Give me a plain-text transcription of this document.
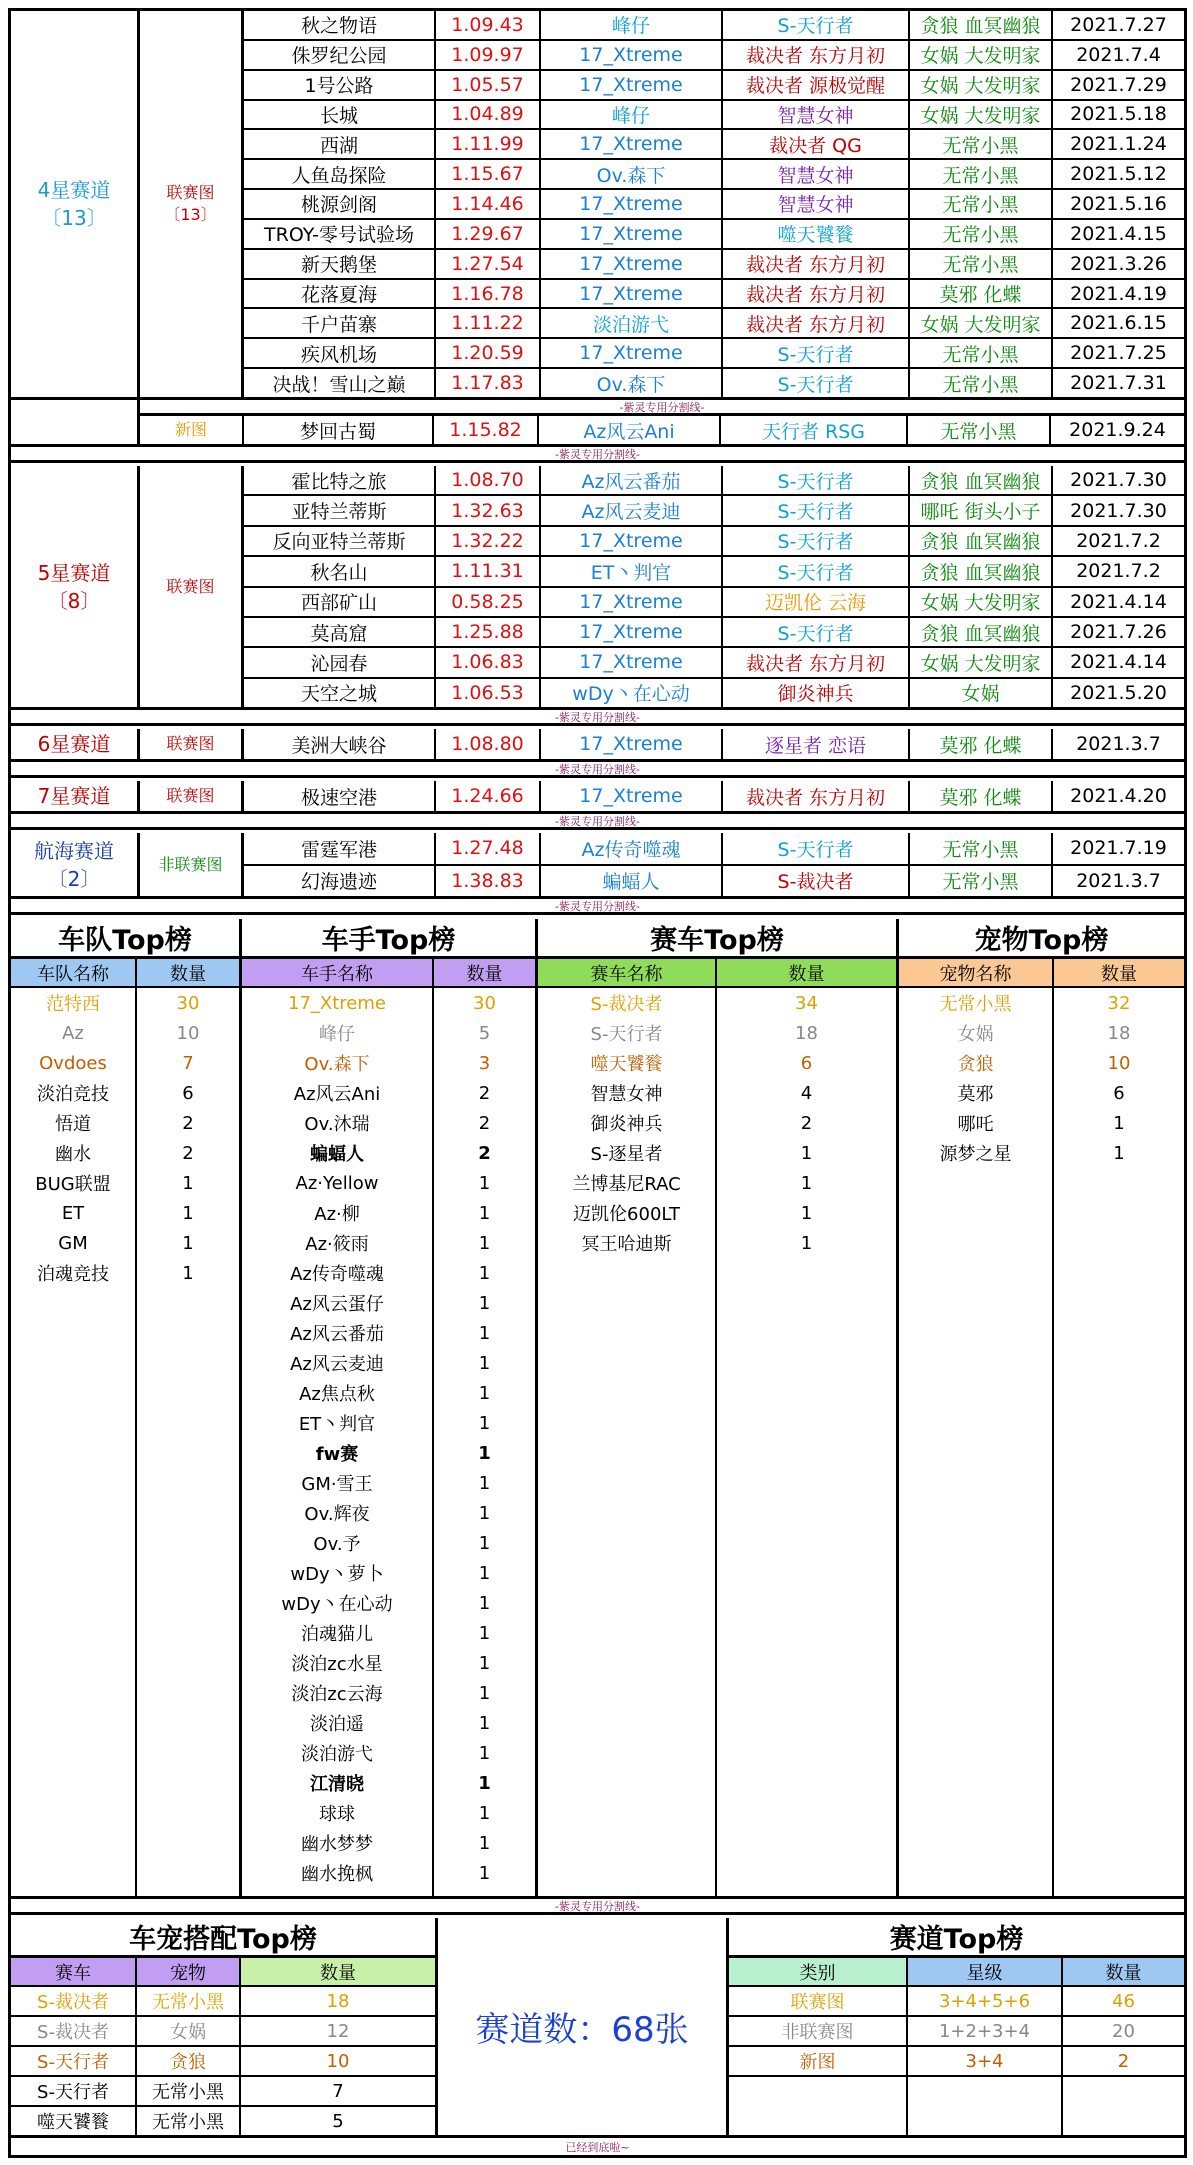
4星赛道
〔13〕
联赛图
〔13〕
秋之物语	1.09.43	峰仔	S-天行者	贪狼 血冥幽狼	2021.7.27
侏罗纪公园	1.09.97	17_Xtreme	裁决者 东方月初	女娲 大发明家	2021.7.4
1号公路	1.05.57	17_Xtreme	裁决者 源极觉醒	女娲 大发明家	2021.7.29
长城	1.04.89	峰仔	智慧女神	女娲 大发明家	2021.5.18
西湖	1.11.99	17_Xtreme	裁决者 QG	无常小黑	2021.1.24
人鱼岛探险	1.15.67	Ov.森下	智慧女神	无常小黑	2021.5.12
桃源剑阁	1.14.46	17_Xtreme	智慧女神	无常小黑	2021.5.16
TROY-零号试验场	1.29.67	17_Xtreme	噬天饕餮	无常小黑	2021.4.15
新天鹅堡	1.27.54	17_Xtreme	裁决者 东方月初	无常小黑	2021.3.26
花落夏海	1.16.78	17_Xtreme	裁决者 东方月初	莫邪 化蝶	2021.4.19
千户苗寨	1.11.22	淡泊游弋	裁决者 东方月初	女娲 大发明家	2021.6.15
疾风机场	1.20.59	17_Xtreme	S-天行者	无常小黑	2021.7.25
决战！雪山之巅	1.17.83	Ov.森下	S-天行者	无常小黑	2021.7.31
-紫灵专用分割线-
新图	梦回古蜀	1.15.82	Az风云Ani	天行者 RSG	无常小黑	2021.9.24
-紫灵专用分割线-
5星赛道
〔8〕
联赛图
霍比特之旅	1.08.70	Az风云番茄	S-天行者	贪狼 血冥幽狼	2021.7.30
亚特兰蒂斯	1.32.63	Az风云麦迪	S-天行者	哪吒 街头小子	2021.7.30
反向亚特兰蒂斯	1.32.22	17_Xtreme	S-天行者	贪狼 血冥幽狼	2021.7.2
秋名山	1.11.31	ET丶判官	S-天行者	贪狼 血冥幽狼	2021.7.2
西部矿山	0.58.25	17_Xtreme	迈凯伦 云海	女娲 大发明家	2021.4.14
莫高窟	1.25.88	17_Xtreme	S-天行者	贪狼 血冥幽狼	2021.7.26
沁园春	1.06.83	17_Xtreme	裁决者 东方月初	女娲 大发明家	2021.4.14
天空之城	1.06.53	wDy丶在心动	御炎神兵	女娲	2021.5.20
-紫灵专用分割线-
6星赛道	联赛图	美洲大峡谷	1.08.80	17_Xtreme	逐星者 恋语	莫邪 化蝶	2021.3.7
-紫灵专用分割线-
7星赛道	联赛图	极速空港	1.24.66	17_Xtreme	裁决者 东方月初	莫邪 化蝶	2021.4.20
-紫灵专用分割线-
航海赛道
〔2〕
非联赛图
雷霆军港	1.27.48	Az传奇噬魂	S-天行者	无常小黑	2021.7.19
幻海遗迹	1.38.83	蝙蝠人	S-裁决者	无常小黑	2021.3.7
-紫灵专用分割线-
车队Top榜
车队名称	数量
范特西	30
Az	10
Ovdoes	7
淡泊竞技	6
悟道	2
幽水	2
BUG联盟	1
ET	1
GM	1
泊魂竞技	1
车手Top榜
车手名称	数量
17_Xtreme	30
峰仔	5
Ov.森下	3
Az风云Ani	2
Ov.沐瑞	2
蝙蝠人	2
Az·Yellow	1
Az·柳	1
Az·筱雨	1
Az传奇噬魂	1
Az风云蛋仔	1
Az风云番茄	1
Az风云麦迪	1
Az焦点秋	1
ET丶判官	1
fw赛	1
GM·雪王	1
Ov.辉夜	1
Ov.予	1
wDy丶萝卜	1
wDy丶在心动	1
泊魂猫儿	1
淡泊zc水星	1
淡泊zc云海	1
淡泊遥	1
淡泊游弋	1
江清晓	1
球球	1
幽水梦梦	1
幽水挽枫	1
赛车Top榜
赛车名称	数量
S-裁决者	34
S-天行者	18
噬天饕餮	6
智慧女神	4
御炎神兵	2
S-逐星者	1
兰博基尼RAC	1
迈凯伦600LT	1
冥王哈迪斯	1
宠物Top榜
宠物名称	数量
无常小黑	32
女娲	18
贪狼	10
莫邪	6
哪吒	1
源梦之星	1
-紫灵专用分割线-
车宠搭配Top榜
赛车	宠物	数量
S-裁决者	无常小黑	18
S-裁决者	女娲	12
S-天行者	贪狼	10
S-天行者	无常小黑	7
噬天饕餮	无常小黑	5
赛道数：68张
赛道Top榜
类别	星级	数量
联赛图	3+4+5+6	46
非联赛图	1+2+3+4	20
新图	3+4	2
已经到底啦~
